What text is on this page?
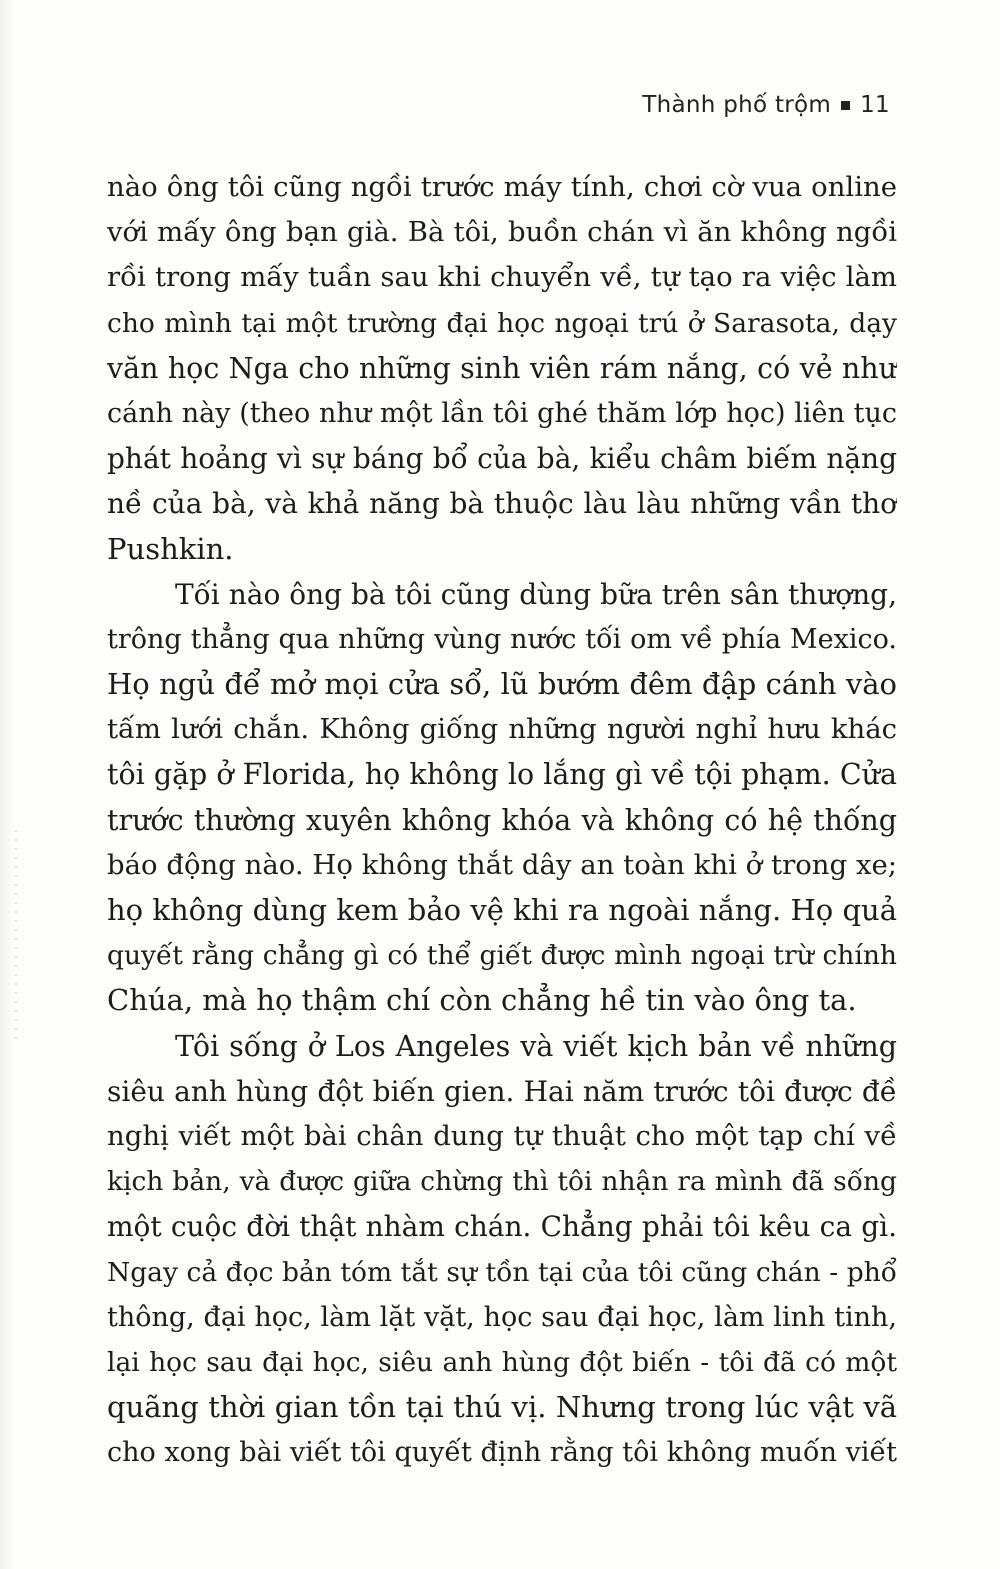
Thành phố trộm 11
nào ông tôi cũng ngồi trước máy tính, chơi cờ vua online
với mấy ông bạn già. Bà tôi, buồn chán vì ăn không ngồi
rồi trong mấy tuần sau khi chuyển về, tự tạo ra việc làm
cho mình tại một trường đại học ngoại trú ở Sarasota, dạy
văn học Nga cho những sinh viên rám nắng, có vẻ như
cánh này (theo như một lần tôi ghé thăm lớp học) liên tục
phát hoảng vì sự báng bổ của bà, kiểu châm biếm nặng
nề của bà, và khả năng bà thuộc làu làu những vần thơ
Pushkin.
Tối nào ông bà tôi cũng dùng bữa trên sân thượng,
trông thẳng qua những vùng nước tối om về phía Mexico.
Họ ngủ để mở mọi cửa sổ, lũ bướm đêm đập cánh vào
tấm lưới chắn. Không giống những người nghỉ hưu khác
tôi gặp ở Florida, họ không lo lắng gì về tội phạm. Cửa
trước thường xuyên không khóa và không có hệ thống
báo động nào. Họ không thắt dây an toàn khi ở trong xe;
họ không dùng kem bảo vệ khi ra ngoài nắng. Họ quả
quyết rằng chẳng gì có thể giết được mình ngoại trừ chính
Chúa, mà họ thậm chí còn chẳng hề tin vào ông ta.
Tôi sống ở Los Angeles và viết kịch bản về những
siêu anh hùng đột biến gien. Hai năm trước tôi được đề
nghị viết một bài chân dung tự thuật cho một tạp chí về
kịch bản, và được giữa chừng thì tôi nhận ra mình đã sống
một cuộc đời thật nhàm chán. Chẳng phải tôi kêu ca gì.
Ngay cả đọc bản tóm tắt sự tồn tại của tôi cũng chán - phổ
thông, đại học, làm lặt vặt, học sau đại học, làm linh tinh,
lại học sau đại học, siêu anh hùng đột biến - tôi đã có một
quãng thời gian tồn tại thú vị. Nhưng trong lúc vật vã
cho xong bài viết tôi quyết định rằng tôi không muốn viết
